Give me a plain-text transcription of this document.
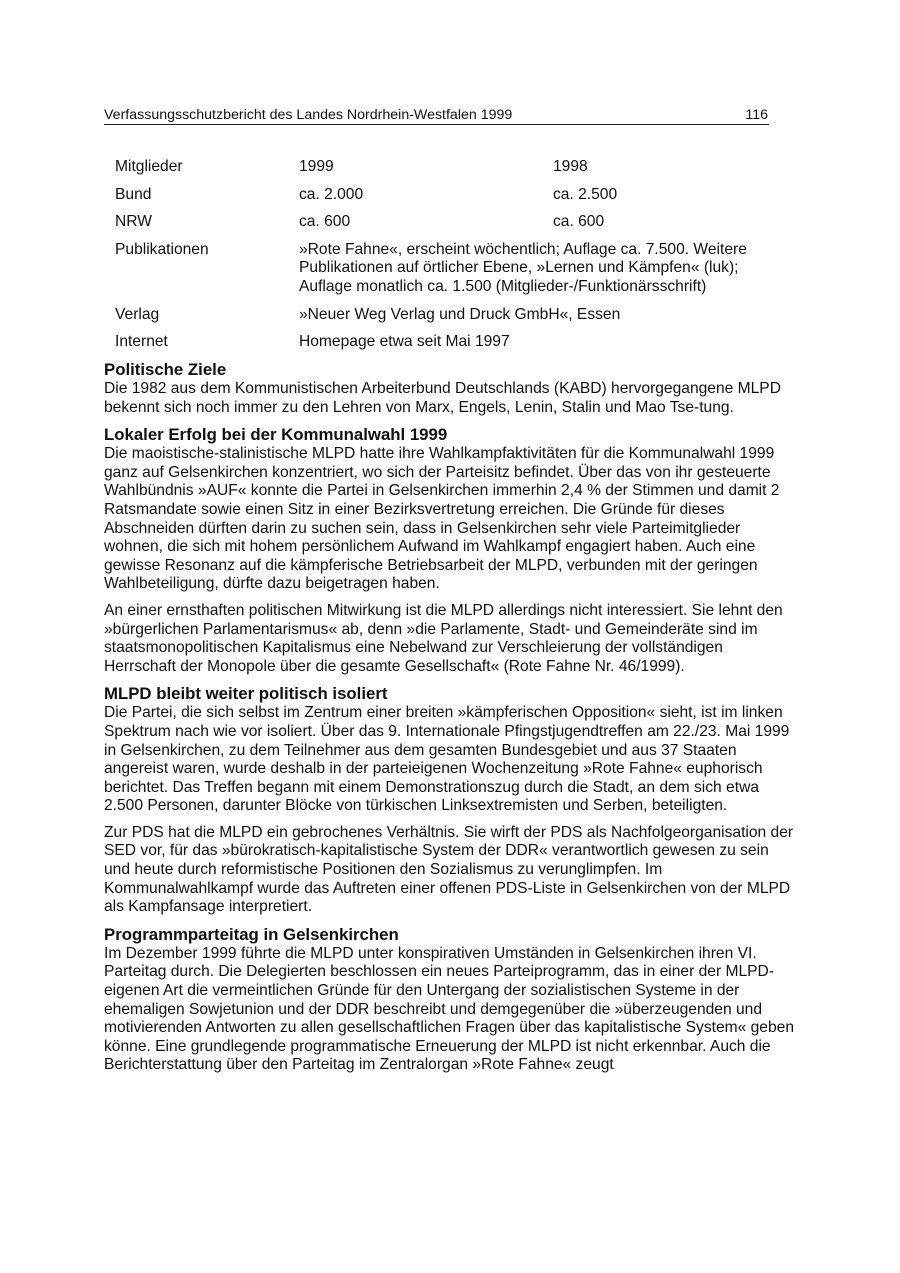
Verfassungsschutzbericht des Landes Nordrhein-Westfalen 1999	116
Mitglieder	1999	1998
Bund	ca. 2.000	ca. 2.500
NRW	ca. 600	ca. 600
Publikationen	»Rote Fahne«, erscheint wöchentlich; Auflage ca. 7.500. Weitere Publikationen auf örtlicher Ebene, »Lernen und Kämpfen« (luk); Auflage monatlich ca. 1.500 (Mitglieder-/Funktionärsschrift)	
Verlag	»Neuer Weg Verlag und Druck GmbH«, Essen	
Internet	Homepage etwa seit Mai 1997	
Politische Ziele

Die 1982 aus dem Kommunistischen Arbeiterbund Deutschlands (KABD) hervorgegangene MLPD bekennt sich noch immer zu den Lehren von Marx, Engels, Lenin, Stalin und Mao Tse-tung.

Lokaler Erfolg bei der Kommunalwahl 1999

Die maoistische-stalinistische MLPD hatte ihre Wahlkampfaktivitäten für die Kommunalwahl 1999 ganz auf Gelsenkirchen konzentriert, wo sich der Parteisitz befindet. Über das von ihr gesteuerte Wahlbündnis »AUF« konnte die Partei in Gelsenkirchen immerhin 2,4 % der Stimmen und damit 2 Ratsmandate sowie einen Sitz in einer Bezirksvertretung erreichen. Die Gründe für dieses Abschneiden dürften darin zu suchen sein, dass in Gelsenkirchen sehr viele Parteimitglieder wohnen, die sich mit hohem persönlichem Aufwand im Wahlkampf engagiert haben. Auch eine gewisse Resonanz auf die kämpferische Betriebsarbeit der MLPD, verbunden mit der geringen Wahlbeteiligung, dürfte dazu beigetragen haben.

An einer ernsthaften politischen Mitwirkung ist die MLPD allerdings nicht interessiert. Sie lehnt den »bürgerlichen Parlamentarismus« ab, denn »die Parlamente, Stadt- und Gemeinderäte sind im staatsmonopolitischen Kapitalismus eine Nebelwand zur Verschleierung der vollständigen Herrschaft der Monopole über die gesamte Gesellschaft« (Rote Fahne Nr. 46/1999).

MLPD bleibt weiter politisch isoliert

Die Partei, die sich selbst im Zentrum einer breiten »kämpferischen Opposition« sieht, ist im linken Spektrum nach wie vor isoliert. Über das 9. Internationale Pfingstjugendtreffen am 22./23. Mai 1999 in Gelsenkirchen, zu dem Teilnehmer aus dem gesamten Bundesgebiet und aus 37 Staaten angereist waren, wurde deshalb in der parteieigenen Wochenzeitung »Rote Fahne« euphorisch berichtet. Das Treffen begann mit einem Demonstrationszug durch die Stadt, an dem sich etwa 2.500 Personen, darunter Blöcke von türkischen Linksextremisten und Serben, beteiligten.

Zur PDS hat die MLPD ein gebrochenes Verhältnis. Sie wirft der PDS als Nachfolgeorganisation der SED vor, für das »bürokratisch-kapitalistische System der DDR« verantwortlich gewesen zu sein und heute durch reformistische Positionen den Sozialismus zu verunglimpfen. Im Kommunalwahlkampf wurde das Auftreten einer offenen PDS-Liste in Gelsenkirchen von der MLPD als Kampfansage interpretiert.

Programmparteitag in Gelsenkirchen

Im Dezember 1999 führte die MLPD unter konspirativen Umständen in Gelsenkirchen ihren VI. Parteitag durch. Die Delegierten beschlossen ein neues Parteiprogramm, das in einer der MLPD-eigenen Art die vermeintlichen Gründe für den Untergang der sozialistischen Systeme in der ehemaligen Sowjetunion und der DDR beschreibt und demgegenüber die »überzeugenden und motivierenden Antworten zu allen gesellschaftlichen Fragen über das kapitalistische System« geben könne. Eine grundlegende programmatische Erneuerung der MLPD ist nicht erkennbar. Auch die Berichterstattung über den Parteitag im Zentralorgan »Rote Fahne« zeugt
